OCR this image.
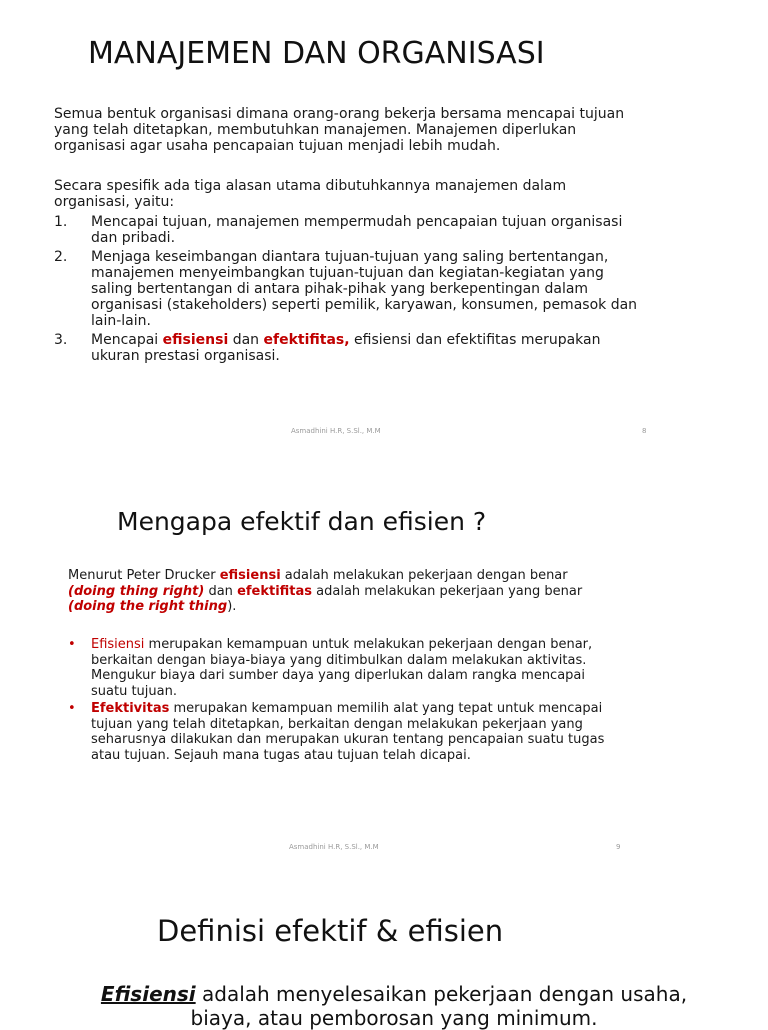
MANAJEMEN DAN ORGANISASI
Semua bentuk organisasi dimana orang-orang bekerja bersama mencapai tujuan yang telah ditetapkan, membutuhkan manajemen. Manajemen diperlukan organisasi agar usaha pencapaian tujuan menjadi lebih mudah.
Secara spesifik ada tiga alasan utama dibutuhkannya manajemen dalam organisasi, yaitu:
1. Mencapai tujuan, manajemen mempermudah pencapaian tujuan organisasi dan pribadi.
2. Menjaga keseimbangan diantara tujuan-tujuan yang saling bertentangan, manajemen menyeimbangkan tujuan-tujuan dan kegiatan-kegiatan yang saling bertentangan di antara pihak-pihak yang berkepentingan dalam organisasi (stakeholders) seperti pemilik, karyawan, konsumen, pemasok dan lain-lain.
3. Mencapai efisiensi dan efektifitas, efisiensi dan efektifitas merupakan ukuran prestasi organisasi.
Asmadhini H.R, S.Sl., M.M	8
Mengapa efektif dan efisien ?
Menurut Peter Drucker efisiensi adalah melakukan pekerjaan dengan benar (doing thing right) dan efektifitas adalah melakukan pekerjaan yang benar (doing the right thing).
• Efisiensi merupakan kemampuan untuk melakukan pekerjaan dengan benar, berkaitan dengan biaya-biaya yang ditimbulkan dalam melakukan aktivitas. Mengukur biaya dari sumber daya yang diperlukan dalam rangka mencapai suatu tujuan.
• Efektivitas merupakan kemampuan memilih alat yang tepat untuk mencapai tujuan yang telah ditetapkan, berkaitan dengan melakukan pekerjaan yang seharusnya dilakukan dan merupakan ukuran tentang pencapaian suatu tugas atau tujuan. Sejauh mana tugas atau tujuan telah dicapai.
Asmadhini H.R, S.Sl., M.M	9
Definisi efektif & efisien
Efisiensi adalah menyelesaikan pekerjaan dengan usaha, biaya, atau pemborosan yang minimum.
